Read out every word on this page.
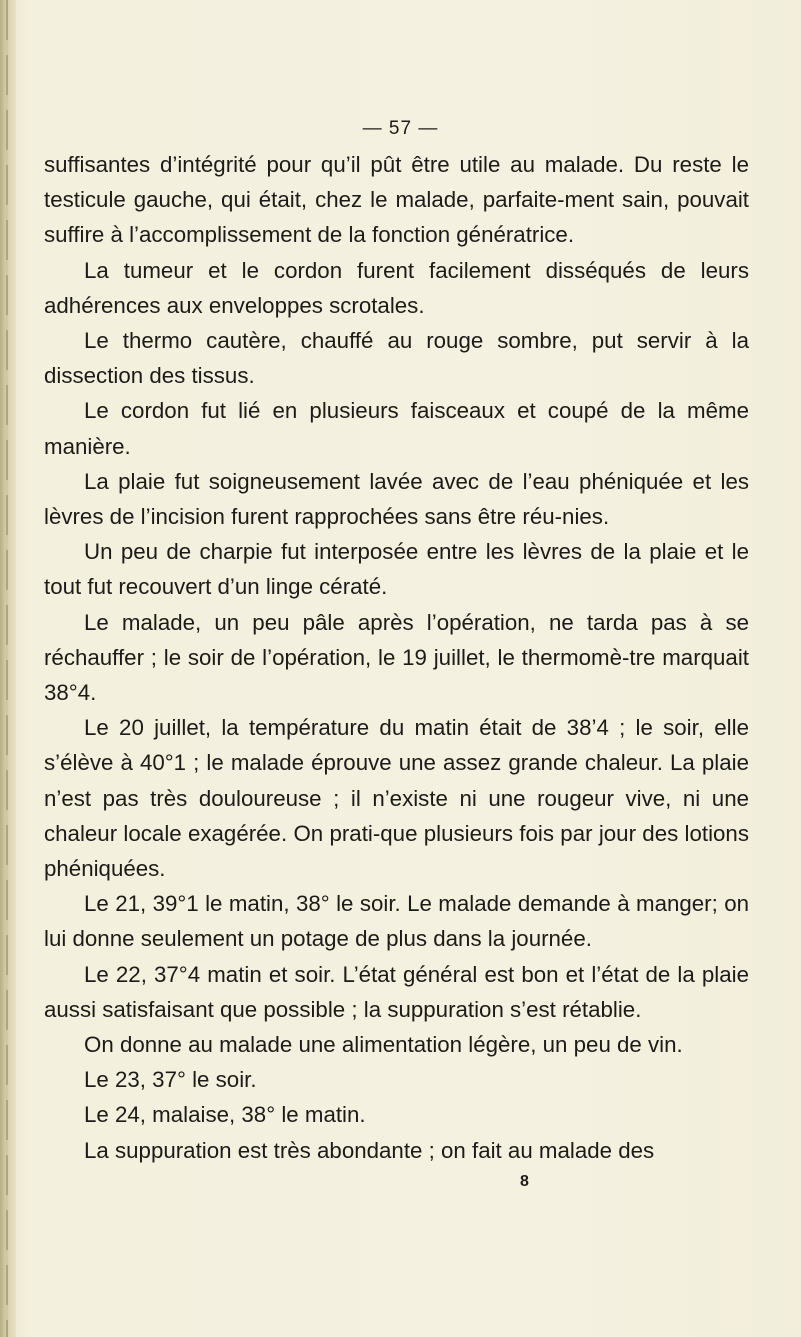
— 57 —

suffisantes d’intégrité pour qu’il pût être utile au malade. Du reste le testicule gauche, qui était, chez le malade, parfaite-ment sain, pouvait suffire à l’accomplissement de la fonction génératrice.

La tumeur et le cordon furent facilement disséqués de leurs adhérences aux enveloppes scrotales.

Le thermo cautère, chauffé au rouge sombre, put servir à la dissection des tissus.

Le cordon fut lié en plusieurs faisceaux et coupé de la même manière.

La plaie fut soigneusement lavée avec de l’eau phéniquée et les lèvres de l’incision furent rapprochées sans être réu-nies.

Un peu de charpie fut interposée entre les lèvres de la plaie et le tout fut recouvert d’un linge cératé.

Le malade, un peu pâle après l’opération, ne tarda pas à se réchauffer ; le soir de l’opération, le 19 juillet, le thermomè-tre marquait 38°4.

Le 20 juillet, la température du matin était de 38’4 ; le soir, elle s’élève à 40°1 ; le malade éprouve une assez grande chaleur. La plaie n’est pas très douloureuse ; il n’existe ni une rougeur vive, ni une chaleur locale exagérée. On prati-que plusieurs fois par jour des lotions phéniquées.

Le 21, 39°1 le matin, 38° le soir. Le malade demande à manger; on lui donne seulement un potage de plus dans la journée.

Le 22, 37°4 matin et soir. L’état général est bon et l’état de la plaie aussi satisfaisant que possible ; la suppuration s’est rétablie.

On donne au malade une alimentation légère, un peu de vin.

Le 23, 37° le soir.

Le 24, malaise, 38° le matin.

La suppuration est très abondante ; on fait au malade des

8
